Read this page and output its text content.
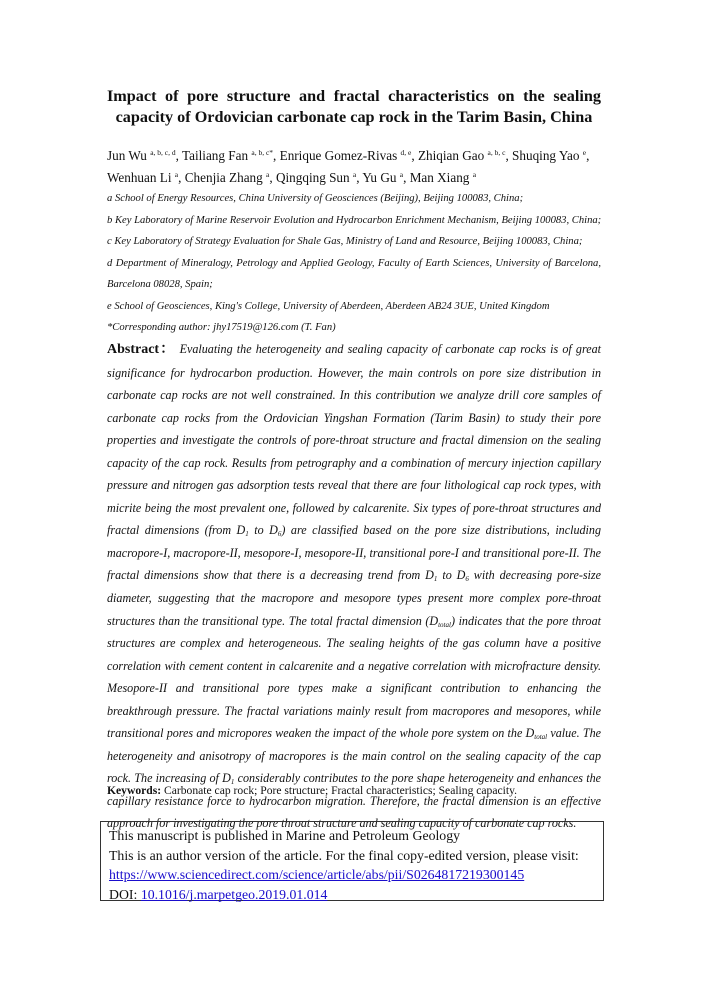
Impact of pore structure and fractal characteristics on the sealing capacity of Ordovician carbonate cap rock in the Tarim Basin, China
Jun Wu $^{a, b, c, d}$, Tailiang Fan $^{a, b, c*}$, Enrique Gomez-Rivas $^{d, e}$, Zhiqian Gao $^{a, b, c}$, Shuqing Yao $^e$, Wenhuan Li $^a$, Chenjia Zhang $^a$, Qingqing Sun $^a$, Yu Gu $^a$, Man Xiang $^a$
a School of Energy Resources, China University of Geosciences (Beijing), Beijing 100083, China;
b Key Laboratory of Marine Reservoir Evolution and Hydrocarbon Enrichment Mechanism, Beijing 100083, China;
c Key Laboratory of Strategy Evaluation for Shale Gas, Ministry of Land and Resource, Beijing 100083, China;
d Department of Mineralogy, Petrology and Applied Geology, Faculty of Earth Sciences, University of Barcelona, Barcelona 08028, Spain;
e School of Geosciences, King's College, University of Aberdeen, Aberdeen AB24 3UE, United Kingdom
*Corresponding author: jhy17519@126.com (T. Fan)
Abstract： Evaluating the heterogeneity and sealing capacity of carbonate cap rocks is of great significance for hydrocarbon production. However, the main controls on pore size distribution in carbonate cap rocks are not well constrained. In this contribution we analyze drill core samples of carbonate cap rocks from the Ordovician Yingshan Formation (Tarim Basin) to study their pore properties and investigate the controls of pore-throat structure and fractal dimension on the sealing capacity of the cap rock. Results from petrography and a combination of mercury injection capillary pressure and nitrogen gas adsorption tests reveal that there are four lithological cap rock types, with micrite being the most prevalent one, followed by calcarenite. Six types of pore-throat structures and fractal dimensions (from $D_1$ to $D_6$) are classified based on the pore size distributions, including macropore-I, macropore-II, mesopore-I, mesopore-II, transitional pore-I and transitional pore-II. The fractal dimensions show that there is a decreasing trend from $D_1$ to $D_6$ with decreasing pore-size diameter, suggesting that the macropore and mesopore types present more complex pore-throat structures than the transitional type. The total fractal dimension $(D_{total})$ indicates that the pore throat structures are complex and heterogeneous. The sealing heights of the gas column have a positive correlation with cement content in calcarenite and a negative correlation with microfracture density. Mesopore-II and transitional pore types make a significant contribution to enhancing the breakthrough pressure. The fractal variations mainly result from macropores and mesopores, while transitional pores and micropores weaken the impact of the whole pore system on the $D_{total}$ value. The heterogeneity and anisotropy of macropores is the main control on the sealing capacity of the cap rock. The increasing of $D_1$ considerably contributes to the pore shape heterogeneity and enhances the capillary resistance force to hydrocarbon migration. Therefore, the fractal dimension is an effective approach for investigating the pore throat structure and sealing capacity of carbonate cap rocks.
Keywords: Carbonate cap rock; Pore structure; Fractal characteristics; Sealing capacity.
This manuscript is published in Marine and Petroleum Geology
This is an author version of the article. For the final copy-edited version, please visit:
https://www.sciencedirect.com/science/article/abs/pii/S0264817219300145
DOI: 10.1016/j.marpetgeo.2019.01.014
